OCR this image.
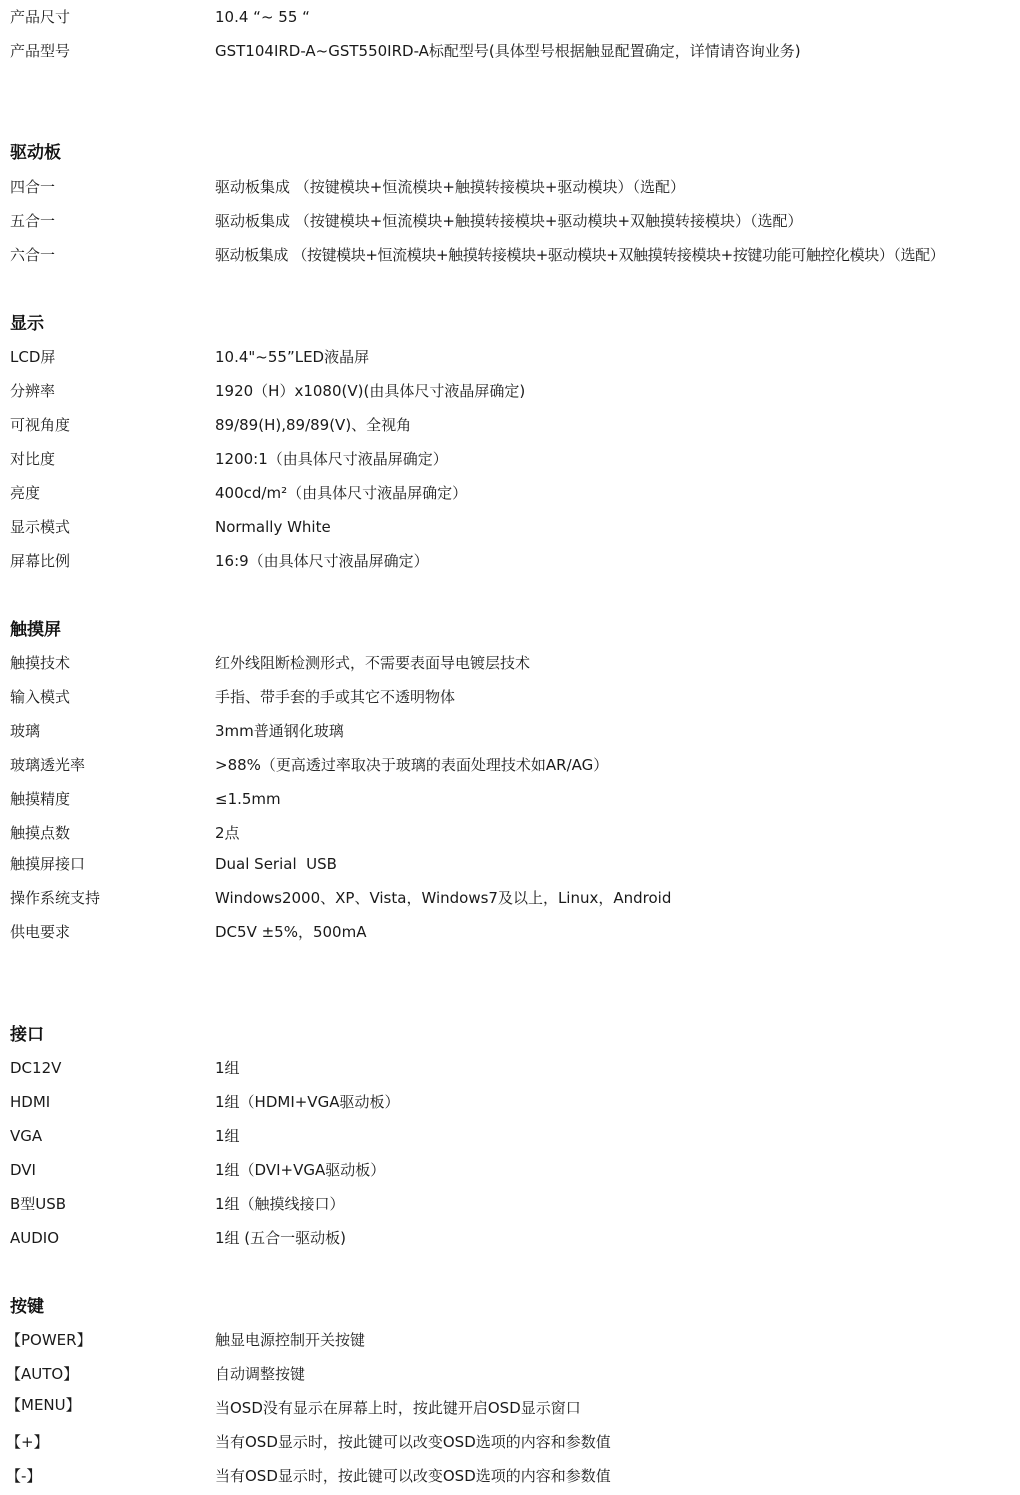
产品尺寸	10.4 “~ 55 “
产品型号	GST104IRD-A~GST550IRD-A标配型号(具体型号根据触显配置确定，详情请咨询业务)
驱动板
四合一	驱动板集成 （按键模块+恒流模块+触摸转接模块+驱动模块）（选配）
五合一	驱动板集成 （按键模块+恒流模块+触摸转接模块+驱动模块+双触摸转接模块）（选配）
六合一	驱动板集成 （按键模块+恒流模块+触摸转接模块+驱动模块+双触摸转接模块+按键功能可触控化模块）（选配）
显示
LCD屏	10.4"~55”LED液晶屏
分辨率	1920（H）x1080(V)(由具体尺寸液晶屏确定)
可视角度	89/89(H),89/89(V)、全视角
对比度	1200:1（由具体尺寸液晶屏确定）
亮度	400cd/m²（由具体尺寸液晶屏确定）
显示模式	Normally White
屏幕比例	16:9（由具体尺寸液晶屏确定）
触摸屏
触摸技术	红外线阻断检测形式，不需要表面导电镀层技术
输入模式	手指、带手套的手或其它不透明物体
玻璃	3mm普通钢化玻璃
玻璃透光率	>88%（更高透过率取决于玻璃的表面处理技术如AR/AG）
触摸精度	≤1.5mm
触摸点数	2点
触摸屏接口	Dual Serial  USB
操作系统支持	Windows2000、XP、Vista，Windows7及以上，Linux，Android
供电要求	DC5V ±5%，500mA
接口
DC12V	1组
HDMI	1组（HDMI+VGA驱动板）
VGA	1组
DVI	1组（DVI+VGA驱动板）
B型USB	1组（触摸线接口）
AUDIO	1组 (五合一驱动板)
按键
【POWER】	触显电源控制开关按键
【AUTO】	自动调整按键
【MENU】	当OSD没有显示在屏幕上时，按此键开启OSD显示窗口
【+】	当有OSD显示时，按此键可以改变OSD选项的内容和参数值
【-】	当有OSD显示时，按此键可以改变OSD选项的内容和参数值
